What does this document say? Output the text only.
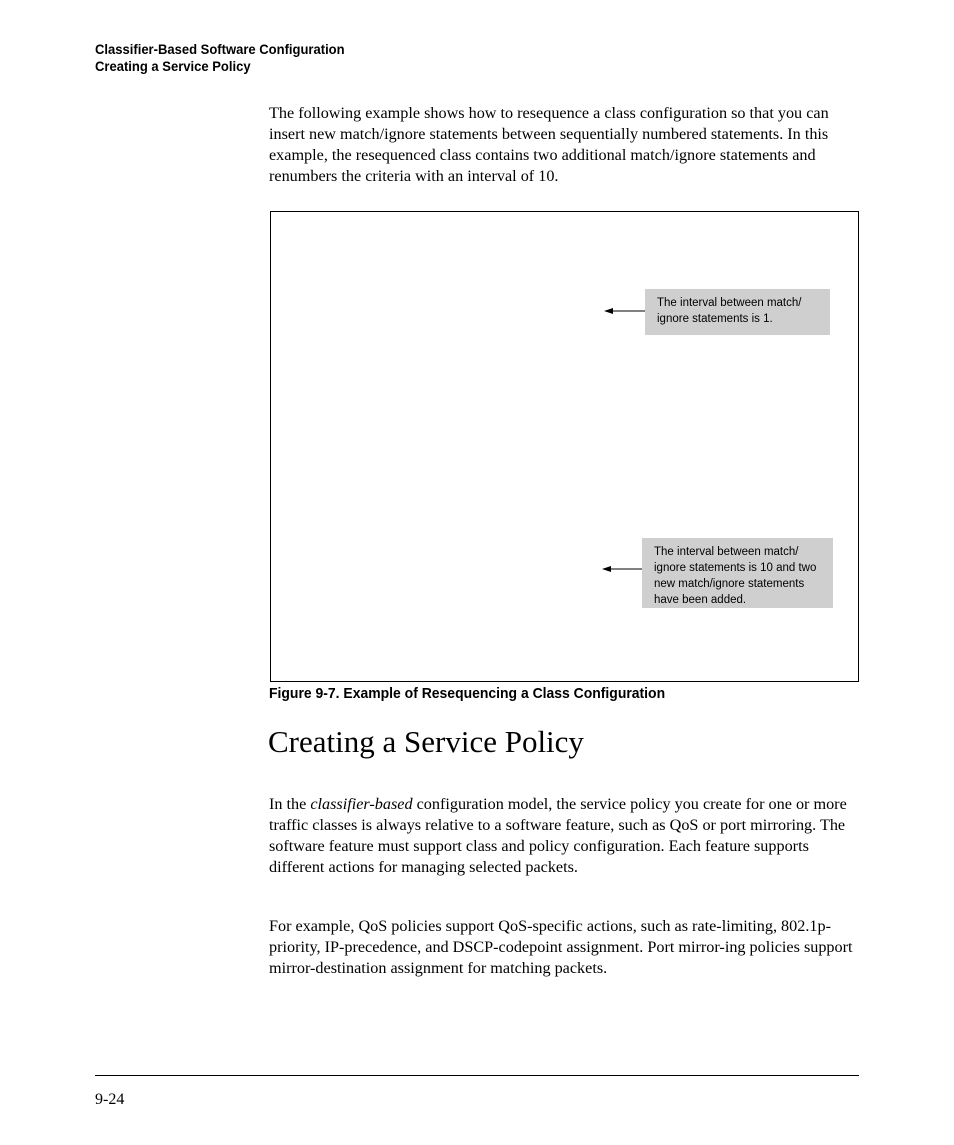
Classifier-Based Software Configuration
Creating a Service Policy

The following example shows how to resequence a class configuration so that you can insert new match/ignore statements between sequentially numbered statements. In this example, the resequenced class contains two additional match/ignore statements and renumbers the criteria with an interval of 10.

The interval between match/ ignore statements is 1.
The interval between match/ ignore statements is 10 and two new match/ignore statements have been added.
Figure 9-7. Example of Resequencing a Class Configuration
Creating a Service Policy

In the classifier-based configuration model, the service policy you create for one or more traffic classes is always relative to a software feature, such as QoS or port mirroring. The software feature must support class and policy configuration. Each feature supports different actions for managing selected packets.

For example, QoS policies support QoS-specific actions, such as rate-limiting, 802.1p-priority, IP-precedence, and DSCP-codepoint assignment. Port mirror-ing policies support mirror-destination assignment for matching packets.

9-24
